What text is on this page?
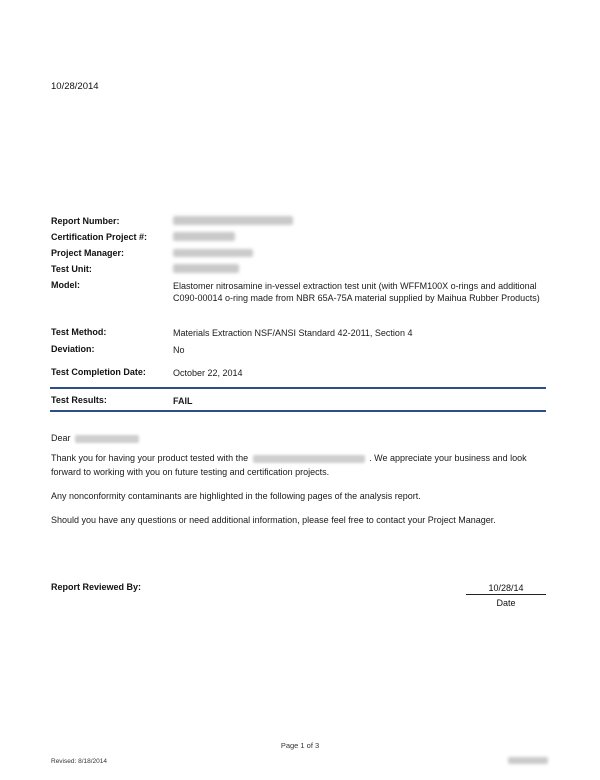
10/28/2014
Report Number:
Certification Project #:
Project Manager:
Test Unit:
Model:	Elastomer nitrosamine in-vessel extraction test unit (with WFFM100X o-rings and additional C090-00014 o-ring made from NBR 65A-75A material supplied by Maihua Rubber Products)
Test Method:	Materials Extraction NSF/ANSI Standard 42-2011, Section 4
Deviation:	No
Test Completion Date:	October 22, 2014
Test Results:	FAIL
Dear
Thank you for having your product tested with the	. We appreciate your business and look forward to working with you on future testing and certification projects.
Any nonconformity contaminants are highlighted in the following pages of the analysis report.
Should you have any questions or need additional information, please feel free to contact your Project Manager.
Report Reviewed By:	10/28/14
Date
Page 1 of 3
Revised: 8/18/2014
